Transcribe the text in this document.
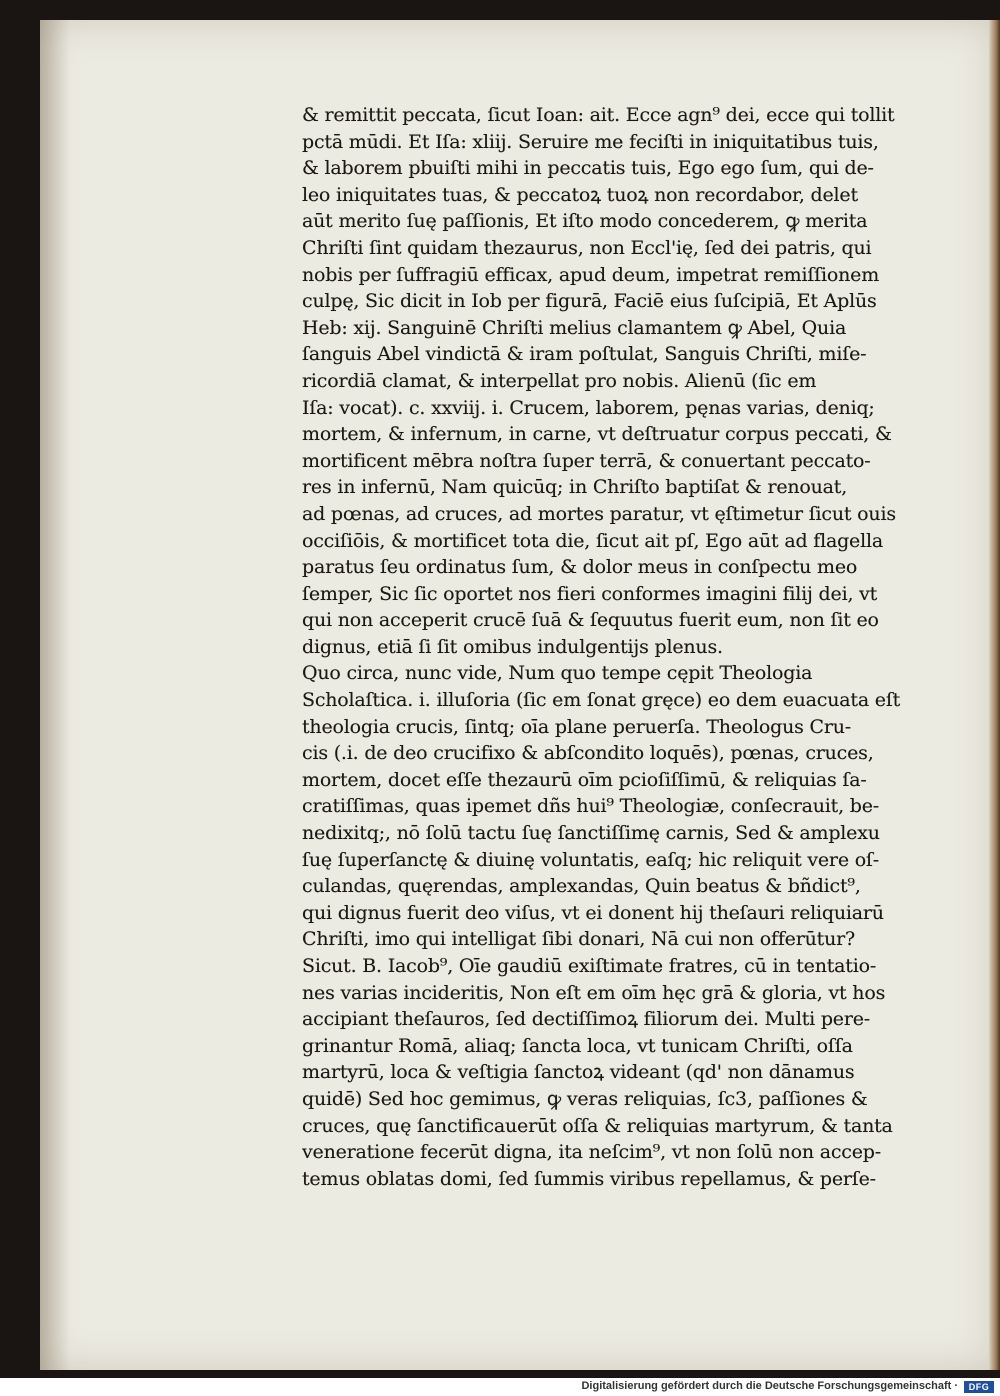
& remittit peccata, ſicut Ioan: ait. Ecce agn⁹ dei, ecce qui tollit
pctā mūdi. Et Iſa: xliij. Seruire me feciſti in iniquitatibus tuis,
& laborem pbuiſti mihi in peccatis tuis, Ego ego ſum, qui de-
leo iniquitates tuas, & peccatoꝝ tuoꝝ non recordabor, delet
aūt merito ſuę paſſionis, Et iſto modo concederem, ꝙ merita
Chriſti ſint quidam thezaurus, non Eccl'ię, ſed dei patris, qui
nobis per ſuffragiū efficax, apud deum, impetrat remiſſionem
culpę, Sic dicit in Iob per figurā, Faciē eius ſuſcipiā, Et Aplūs
Heb: xij. Sanguinē Chriſti melius clamantem ꝙ Abel, Quia
ſanguis Abel vindictā & iram poſtulat, Sanguis Chriſti, miſe-
ricordiā clamat, & interpellat pro nobis. Alienū (ſic em
Iſa: vocat). c. xxviij. i. Crucem, laborem, pęnas varias, deniq;
mortem, & infernum, in carne, vt deſtruatur corpus peccati, &
mortificent mēbra noſtra ſuper terrā, & conuertant peccato-
res in infernū, Nam quicūq; in Chriſto baptiſat & renouat,
ad pœnas, ad cruces, ad mortes paratur, vt ęſtimetur ſicut ouis
occiſiōis, & mortificet tota die, ſicut ait pſ, Ego aūt ad flagella
paratus ſeu ordinatus ſum, & dolor meus in conſpectu meo
ſemper, Sic ſic oportet nos fieri conformes imagini filij dei, vt
qui non acceperit crucē ſuā & ſequutus fuerit eum, non ſit eo
dignus, etiā ſi ſit omibus indulgentijs plenus.
Quo circa, nunc vide, Num quo tempe cępit Theologia
Scholaſtica. i. illuſoria (ſic em ſonat gręce) eo dem euacuata eſt
theologia crucis, ſintq; oīa plane peruerſa. Theologus Cru-
cis (.i. de deo crucifixo & abſcondito loquēs), pœnas, cruces,
mortem, docet eſſe thezaurū oīm pcioſiſſimū, & reliquias ſa-
cratiſſimas, quas ipemet dñs hui⁹ Theologiæ, conſecrauit, be-
nedixitq;, nō ſolū tactu ſuę ſanctiſſimę carnis, Sed & amplexu
ſuę ſuperſanctę & diuinę voluntatis, eaſq; hic reliquit vere oſ-
culandas, quęrendas, amplexandas, Quin beatus & bñdict⁹,
qui dignus fuerit deo viſus, vt ei donent hij theſauri reliquiarū
Chriſti, imo qui intelligat ſibi donari, Nā cui non offerūtur?
Sicut. B. Iacob⁹, Oīe gaudiū exiſtimate fratres, cū in tentatio-
nes varias incideritis, Non eſt em oīm hęc grā & gloria, vt hos
accipiant theſauros, ſed dectiſſimoꝝ filiorum dei. Multi pere-
grinantur Romā, aliaq; ſancta loca, vt tunicam Chriſti, oſſa
martyrū, loca & veſtigia ſanctoꝝ videant (qd' non dānamus
quidē) Sed hoc gemimus, ꝙ veras reliquias, ſc3, paſſiones &
cruces, quę ſanctificauerūt oſſa & reliquias martyrum, & tanta
veneratione fecerūt digna, ita neſcim⁹, vt non ſolū non accep-
temus oblatas domi, ſed ſummis viribus repellamus, & perſe-
Digitalisierung gefördert durch die Deutsche Forschungsgemeinschaft ·	DFG
